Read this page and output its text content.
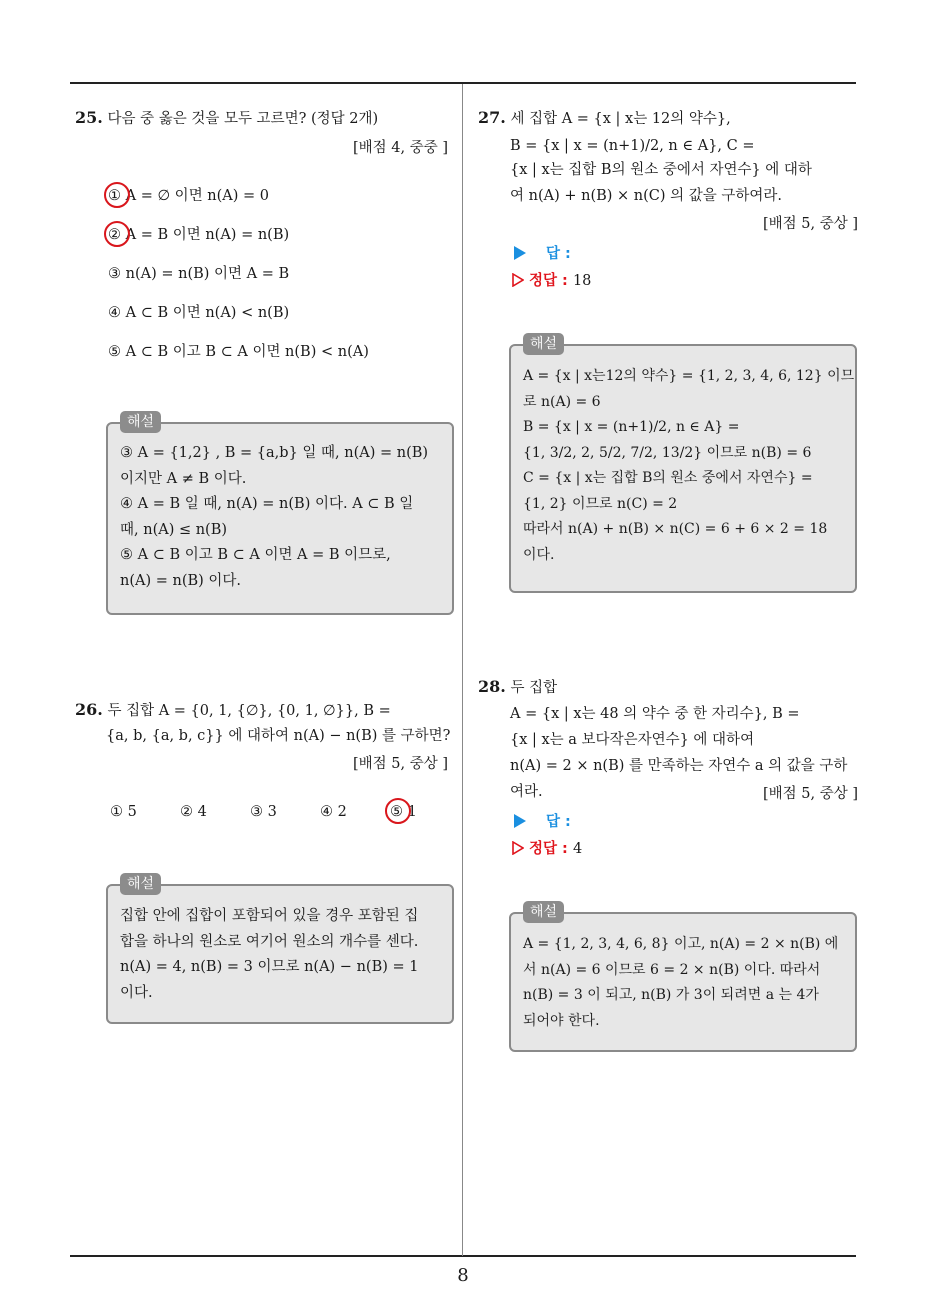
25. 다음 중 옳은 것을 모두 고르면? (정답 2개)
[배점 4, 중중 ]
① A = ∅ 이면 n(A) = 0
② A = B 이면 n(A) = n(B)
③ n(A) = n(B) 이면 A = B
④ A ⊂ B 이면 n(A) < n(B)
⑤ A ⊂ B 이고 B ⊂ A 이면 n(B) < n(A)
③ A = {1,2} , B = {a,b} 일 때, n(A) = n(B)
이지만 A ≠ B 이다.
④ A = B 일 때, n(A) = n(B) 이다. A ⊂ B 일
때, n(A) ≤ n(B)
⑤ A ⊂ B 이고 B ⊂ A 이면 A = B 이므로,
n(A) = n(B) 이다.
해설
26. 두 집합 A = {0, 1, {∅}, {0, 1, ∅}}, B =
{a, b, {a, b, c}} 에 대하여 n(A) − n(B) 를 구하면?
[배점 5, 중상 ]
① 5	② 4	③ 3	④ 2	⑤ 1
집합 안에 집합이 포함되어 있을 경우 포함된 집
합을 하나의 원소로 여기어 원소의 개수를 센다.
n(A) = 4, n(B) = 3 이므로 n(A) − n(B) = 1
이다.
해설
27. 세 집합 A = {x | x는 12의 약수},
B = {x | x = (n+1)/2, n ∈ A}, C =
{x | x는 집합 B의 원소 중에서 자연수} 에 대하
여 n(A) + n(B) × n(C) 의 값을 구하여라.
[배점 5, 중상 ]
답 :
정답 : 18
A = {x | x는12의 약수} = {1, 2, 3, 4, 6, 12} 이므
로 n(A) = 6
B = {x | x = (n+1)/2, n ∈ A} =
{1, 3/2, 2, 5/2, 7/2, 13/2} 이므로 n(B) = 6
C = {x | x는 집합 B의 원소 중에서 자연수} =
{1, 2} 이므로 n(C) = 2
따라서 n(A) + n(B) × n(C) = 6 + 6 × 2 = 18
이다.
해설
28. 두 집합
A = {x | x는 48 의 약수 중 한 자리수}, B =
{x | x는 a 보다작은자연수} 에 대하여
n(A) = 2 × n(B) 를 만족하는 자연수 a 의 값을 구하
여라.	[배점 5, 중상 ]
답 :
정답 : 4
A = {1, 2, 3, 4, 6, 8} 이고, n(A) = 2 × n(B) 에
서 n(A) = 6 이므로 6 = 2 × n(B) 이다. 따라서
n(B) = 3 이 되고, n(B) 가 3이 되려면 a 는 4가
되어야 한다.
해설
8
